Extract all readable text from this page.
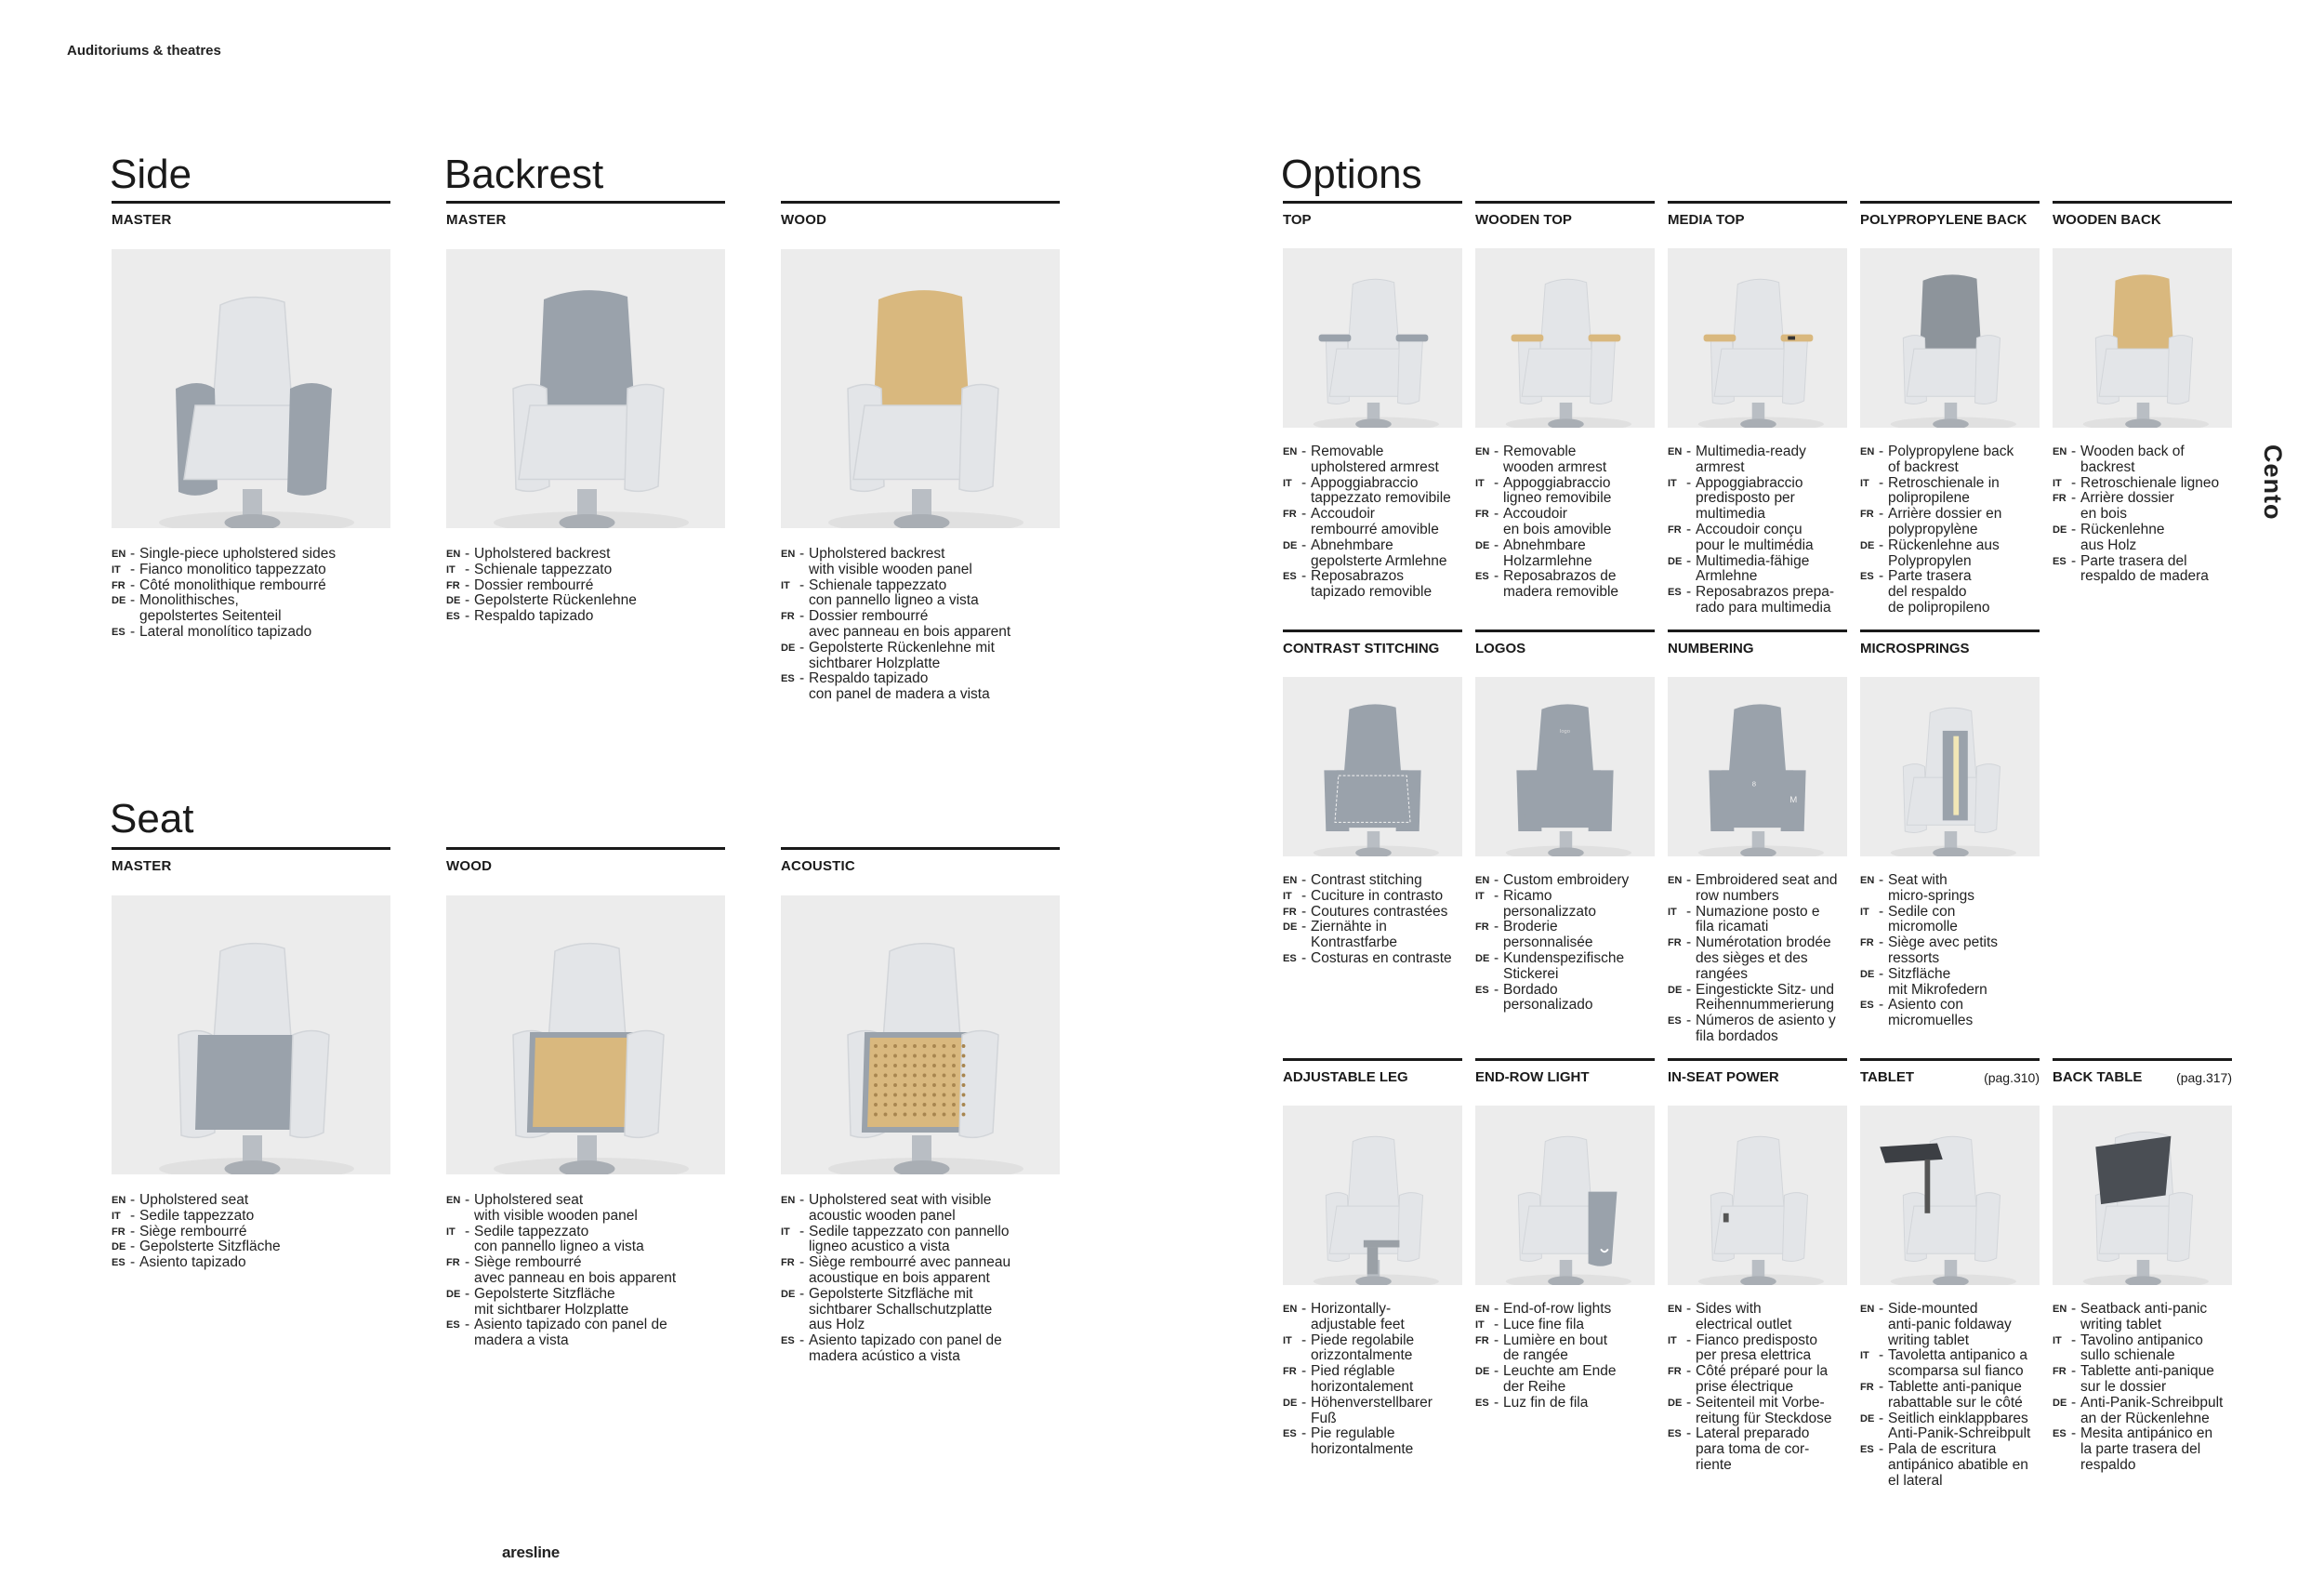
Auditoriums & theatres
aresline
Cento
Side	Backrest
Seat
Options
MASTER
EN - Single-piece upholstered sides
IT - Fianco monolitico tappezzato
FR - Côté monolithique rembourré
DE - Monolithisches,
gepolstertes Seitenteil
ES - Lateral monolítico tapizado
MASTER
EN - Upholstered backrest
IT - Schienale tappezzato
FR - Dossier rembourré
DE - Gepolsterte Rückenlehne
ES - Respaldo tapizado
WOOD
EN - Upholstered backrest
with visible wooden panel
IT - Schienale tappezzato
con pannello ligneo a vista
FR - Dossier rembourré
avec panneau en bois apparent
DE - Gepolsterte Rückenlehne mit
sichtbarer Holzplatte
ES - Respaldo tapizado
con panel de madera a vista
MASTER
EN - Upholstered seat
IT - Sedile tappezzato
FR - Siège rembourré
DE - Gepolsterte Sitzfläche
ES - Asiento tapizado
WOOD
EN - Upholstered seat
with visible wooden panel
IT - Sedile tappezzato
con pannello ligneo a vista
FR - Siège rembourré
avec panneau en bois apparent
DE - Gepolsterte Sitzfläche
mit sichtbarer Holzplatte
ES - Asiento tapizado con panel de
madera a vista
ACOUSTIC
EN - Upholstered seat with visible
acoustic wooden panel
IT - Sedile tappezzato con pannello
ligneo acustico a vista
FR - Siège rembourré avec panneau
acoustique en bois apparent
DE - Gepolsterte Sitzfläche mit
sichtbarer Schallschutzplatte
aus Holz
ES - Asiento tapizado con panel de
madera acústico a vista
TOP
EN - Removable
upholstered armrest
IT - Appoggiabraccio
tappezzato removibile
FR - Accoudoir
rembourré amovible
DE - Abnehmbare
gepolsterte Armlehne
ES - Reposabrazos
tapizado removible
WOODEN TOP
EN - Removable
wooden armrest
IT - Appoggiabraccio
ligneo removibile
FR - Accoudoir
en bois amovible
DE - Abnehmbare
Holzarmlehne
ES - Reposabrazos de
madera removible
MEDIA TOP
EN - Multimedia-ready
armrest
IT - Appoggiabraccio
predisposto per
multimedia
FR - Accoudoir conçu
pour le multimédia
DE - Multimedia-fähige
Armlehne
ES - Reposabrazos prepa-
rado para multimedia
POLYPROPYLENE BACK
EN - Polypropylene back
of backrest
IT - Retroschienale in
polipropilene
FR - Arrière dossier en
polypropylène
DE - Rückenlehne aus
Polypropylen
ES - Parte trasera
del respaldo
de polipropileno
WOODEN BACK
EN - Wooden back of
backrest
IT - Retroschienale ligneo
FR - Arrière dossier
en bois
DE - Rückenlehne
aus Holz
ES - Parte trasera del
respaldo de madera
CONTRAST STITCHING
EN - Contrast stitching
IT - Cuciture in contrasto
FR - Coutures contrastées
DE - Ziernähte in
Kontrastfarbe
ES - Costuras en contraste
LOGOS
logo
EN - Custom embroidery
IT - Ricamo
personalizzato
FR - Broderie
personnalisée
DE - Kundenspezifische
Stickerei
ES - Bordado
personalizado
NUMBERING
8
M
EN - Embroidered seat and
row numbers
IT - Numazione posto e
fila ricamati
FR - Numérotation brodée
des sièges et des
rangées
DE - Eingestickte Sitz- und
Reihennummerierung
ES - Números de asiento y
fila bordados
MICROSPRINGS
EN - Seat with
micro-springs
IT - Sedile con
micromolle
FR - Siège avec petits
ressorts
DE - Sitzfläche
mit Mikrofedern
ES - Asiento con
micromuelles
ADJUSTABLE LEG
EN - Horizontally-
adjustable feet
IT - Piede regolabile
orizzontalmente
FR - Pied réglable
horizontalement
DE - Höhenverstellbarer
Fuß
ES - Pie regulable
horizontalmente
END-ROW LIGHT
EN - End-of-row lights
IT - Luce fine fila
FR - Lumière en bout
de rangée
DE - Leuchte am Ende
der Reihe
ES - Luz fin de fila
IN-SEAT POWER
EN - Sides with
electrical outlet
IT - Fianco predisposto
per presa elettrica
FR - Côté préparé pour la
prise électrique
DE - Seitenteil mit Vorbe-
reitung für Steckdose
ES - Lateral preparado
para toma de cor-
riente
TABLET	(pag.310)
EN - Side-mounted
anti-panic foldaway
writing tablet
IT - Tavoletta antipanico a
scomparsa sul fianco
FR - Tablette anti-panique
rabattable sur le côté
DE - Seitlich einklappbares
Anti-Panik-Schreibpult
ES - Pala de escritura
antipánico abatible en
el lateral
BACK TABLE	(pag.317)
EN - Seatback anti-panic
writing tablet
IT - Tavolino antipanico
sullo schienale
FR - Tablette anti-panique
sur le dossier
DE - Anti-Panik-Schreibpult
an der Rückenlehne
ES - Mesita antipánico en
la parte trasera del
respaldo
